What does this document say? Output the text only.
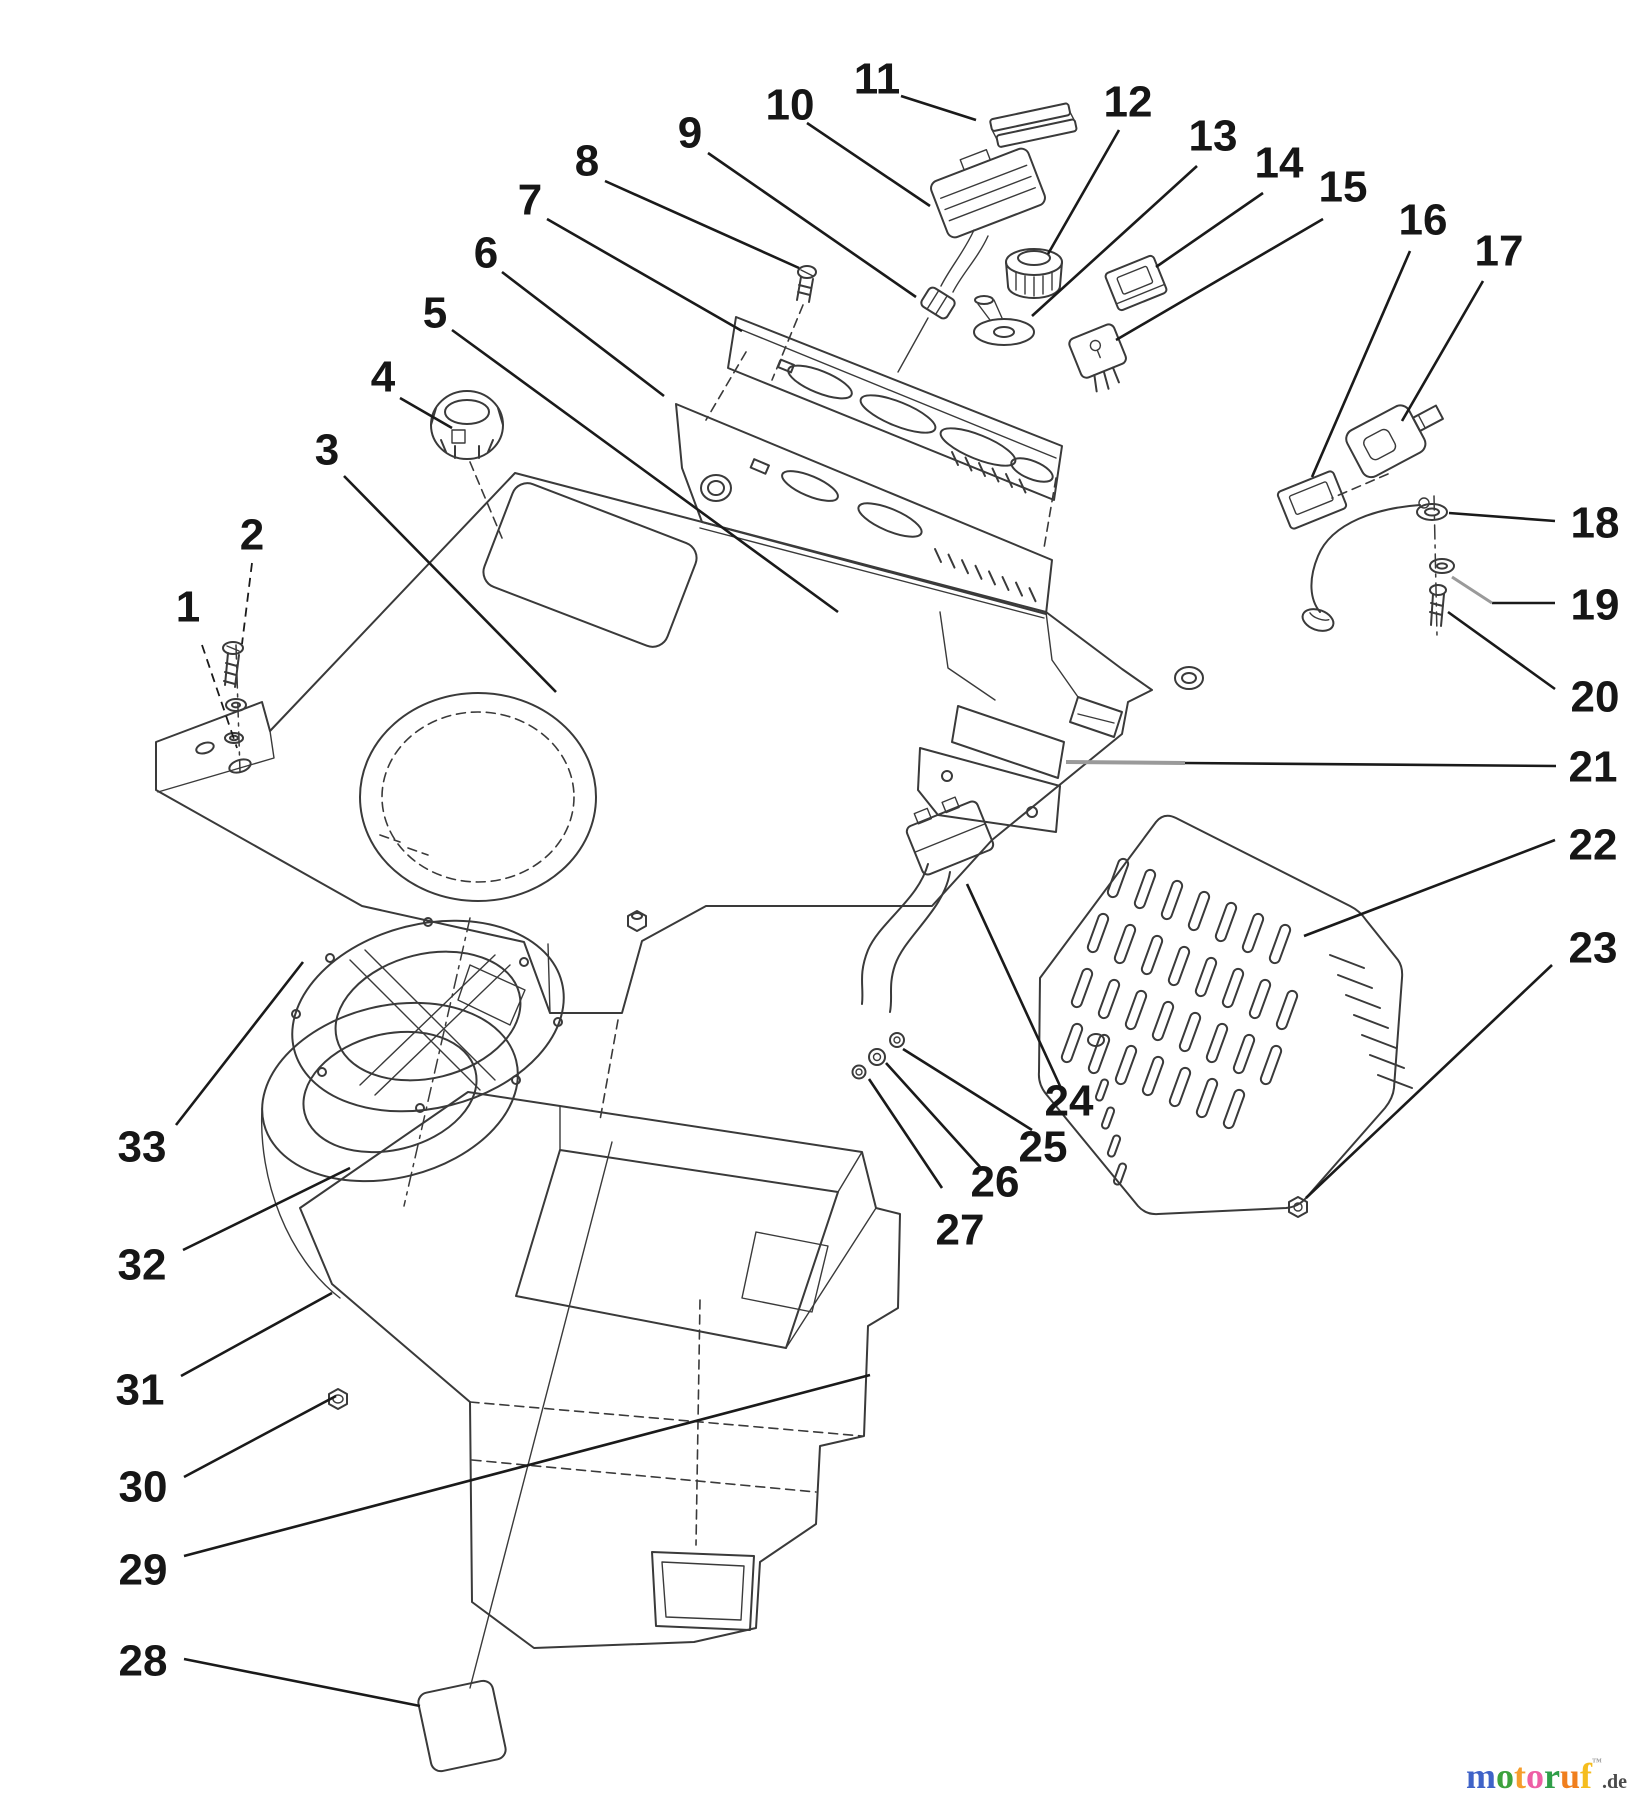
1
2
3
4
5
6
7
8
9
10
11	12
13
14 15
16
17
18
19
20
21
22
23
24
25
26
27
28
29
30
31
32
33
motoruf™.de
